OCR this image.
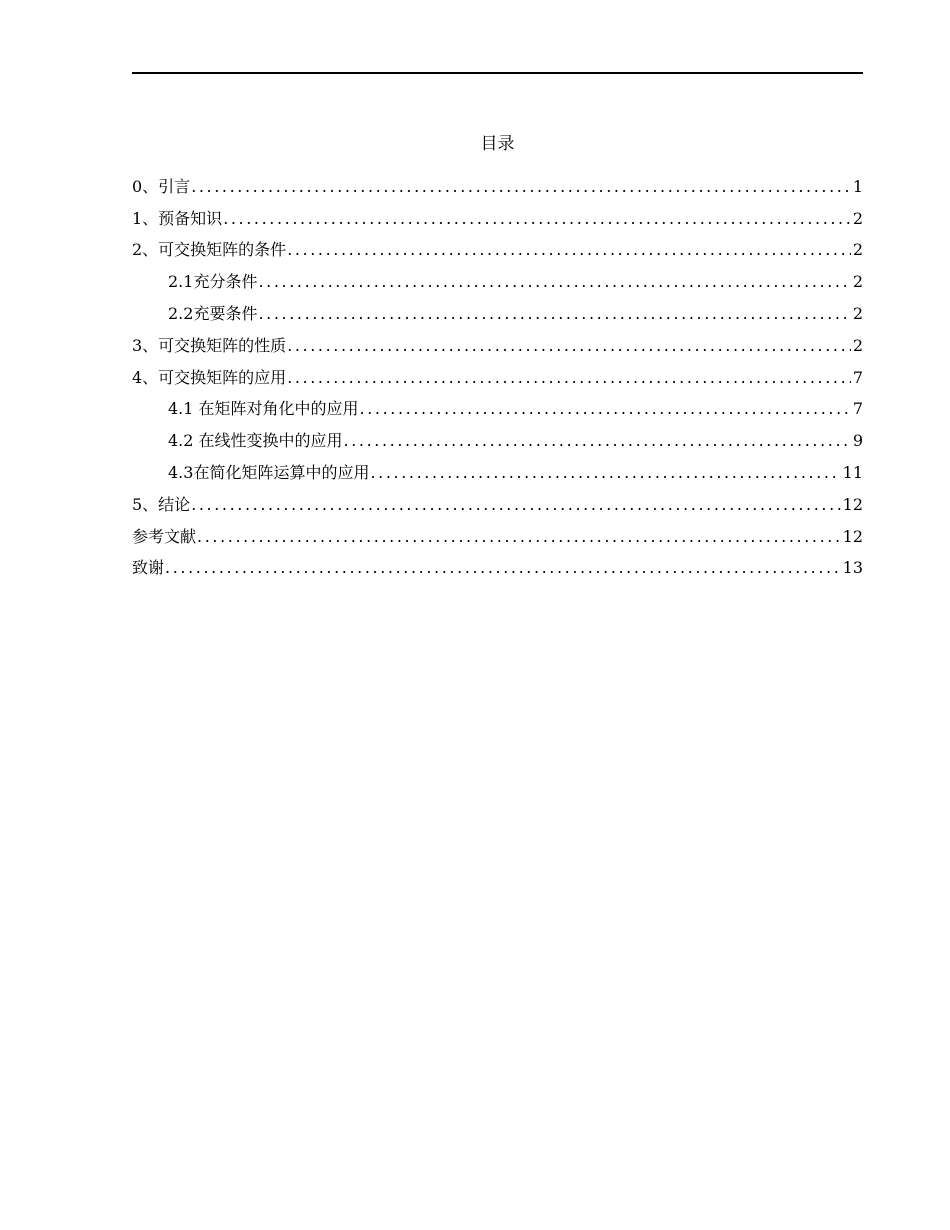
目录
0、引言 .....	1
1、预备知识 .....	2
2、可交换矩阵的条件 .....	2
2.1充分条件 .....	2
2.2充要条件 .....	2
3、可交换矩阵的性质 .....	2
4、可交换矩阵的应用 .....	7
4.1 在矩阵对角化中的应用 .....	7
4.2 在线性变换中的应用 .....	9
4.3在简化矩阵运算中的应用 .....	11
5、结论 .....	12
参考文献 .....	12
致谢 .....	13
